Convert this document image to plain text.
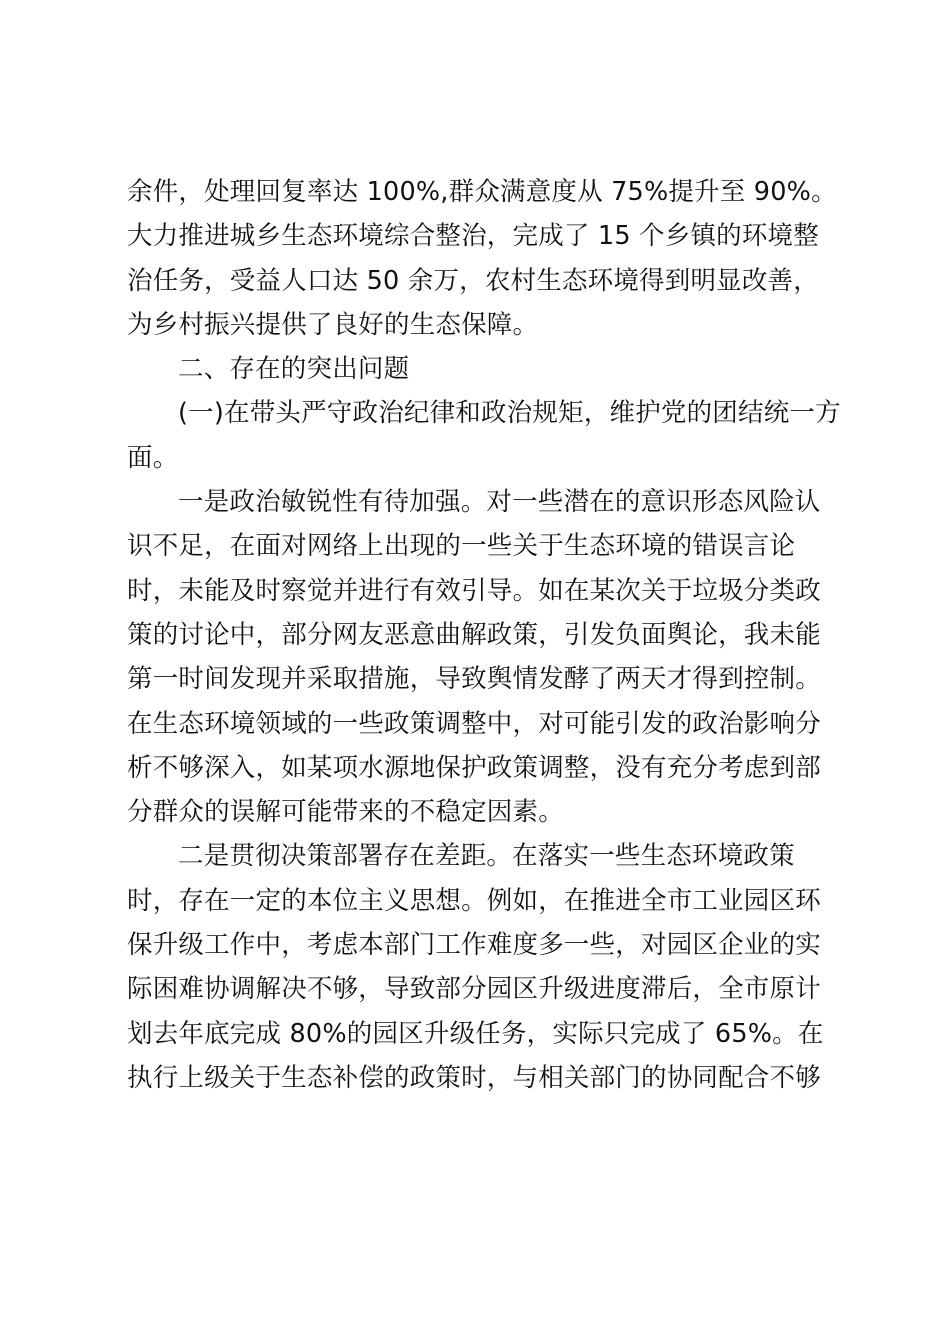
余件，处理回复率达 100%,群众满意度从 75%提升至 90%。
大力推进城乡生态环境综合整治，完成了 15 个乡镇的环境整
治任务，受益人口达 50 余万，农村生态环境得到明显改善，
为乡村振兴提供了良好的生态保障。
二、存在的突出问题
(一)在带头严守政治纪律和政治规矩，维护党的团结统一方
面。
一是政治敏锐性有待加强。对一些潜在的意识形态风险认
识不足，在面对网络上出现的一些关于生态环境的错误言论
时，未能及时察觉并进行有效引导。如在某次关于垃圾分类政
策的讨论中，部分网友恶意曲解政策，引发负面舆论，我未能
第一时间发现并采取措施，导致舆情发酵了两天才得到控制。
在生态环境领域的一些政策调整中，对可能引发的政治影响分
析不够深入，如某项水源地保护政策调整，没有充分考虑到部
分群众的误解可能带来的不稳定因素。
二是贯彻决策部署存在差距。在落实一些生态环境政策
时，存在一定的本位主义思想。例如，在推进全市工业园区环
保升级工作中，考虑本部门工作难度多一些，对园区企业的实
际困难协调解决不够，导致部分园区升级进度滞后，全市原计
划去年底完成 80%的园区升级任务，实际只完成了 65%。在
执行上级关于生态补偿的政策时，与相关部门的协同配合不够
